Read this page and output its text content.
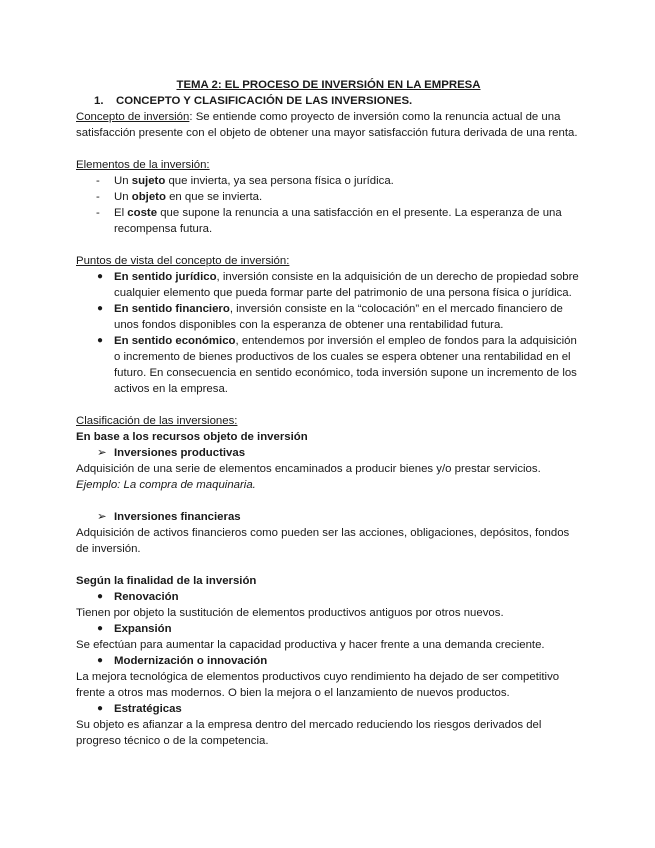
TEMA 2: EL PROCESO DE INVERSIÓN EN LA EMPRESA

1. CONCEPTO Y CLASIFICACIÓN DE LAS INVERSIONES.

Concepto de inversión: Se entiende como proyecto de inversión como la renuncia actual de una satisfacción presente con el objeto de obtener una mayor satisfacción futura derivada de una renta.

Elementos de la inversión:

- Un sujeto que invierta, ya sea persona física o jurídica.
- Un objeto en que se invierta.
- El coste que supone la renuncia a una satisfacción en el presente. La esperanza de una recompensa futura.

Puntos de vista del concepto de inversión:

● En sentido jurídico, inversión consiste en la adquisición de un derecho de propiedad sobre cualquier elemento que pueda formar parte del patrimonio de una persona física o jurídica.
● En sentido financiero, inversión consiste en la “colocación” en el mercado financiero de unos fondos disponibles con la esperanza de obtener una rentabilidad futura.
● En sentido económico, entendemos por inversión el empleo de fondos para la adquisición o incremento de bienes productivos de los cuales se espera obtener una rentabilidad en el futuro. En consecuencia en sentido económico, toda inversión supone un incremento de los activos en la empresa.

Clasificación de las inversiones:

En base a los recursos objeto de inversión

➢ Inversiones productivas

Adquisición de una serie de elementos encaminados a producir bienes y/o prestar servicios.

Ejemplo: La compra de maquinaria.

➢ Inversiones financieras

Adquisición de activos financieros como pueden ser las acciones, obligaciones, depósitos, fondos de inversión.

Según la finalidad de la inversión

● Renovación

Tienen por objeto la sustitución de elementos productivos antiguos por otros nuevos.

● Expansión

Se efectúan para aumentar la capacidad productiva y hacer frente a una demanda creciente.

● Modernización o innovación

La mejora tecnológica de elementos productivos cuyo rendimiento ha dejado de ser competitivo frente a otros mas modernos. O bien la mejora o el lanzamiento de nuevos productos.

● Estratégicas

Su objeto es afianzar a la empresa dentro del mercado reduciendo los riesgos derivados del progreso técnico o de la competencia.
